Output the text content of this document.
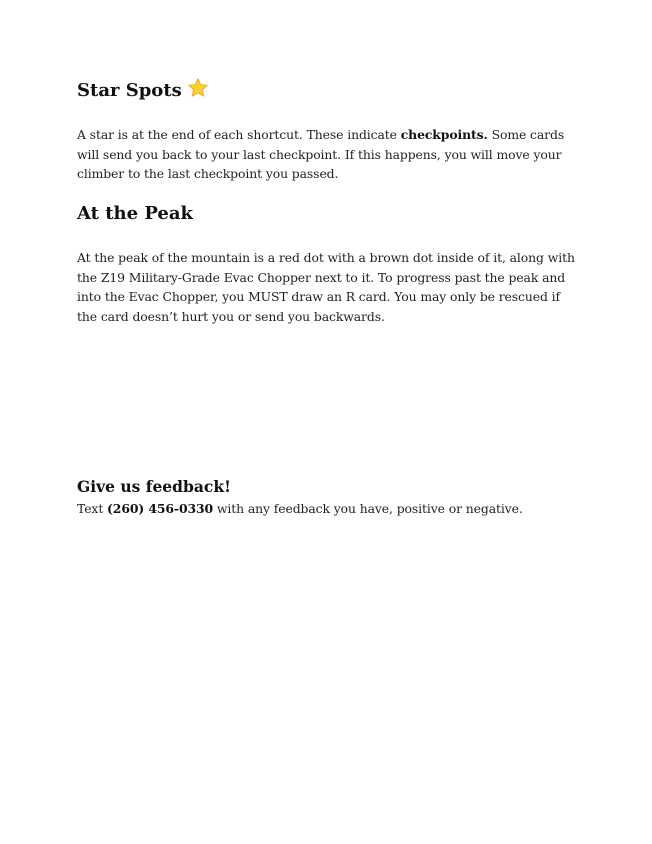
Star Spots

A star is at the end of each shortcut. These indicate checkpoints. Some cards will send you back to your last checkpoint. If this happens, you will move your climber to the last checkpoint you passed.

At the Peak

At the peak of the mountain is a red dot with a brown dot inside of it, along with the Z19 Military-Grade Evac Chopper next to it. To progress past the peak and into the Evac Chopper, you MUST draw an R card. You may only be rescued if the card doesn’t hurt you or send you backwards.

Give us feedback!

Text (260) 456-0330 with any feedback you have, positive or negative.
